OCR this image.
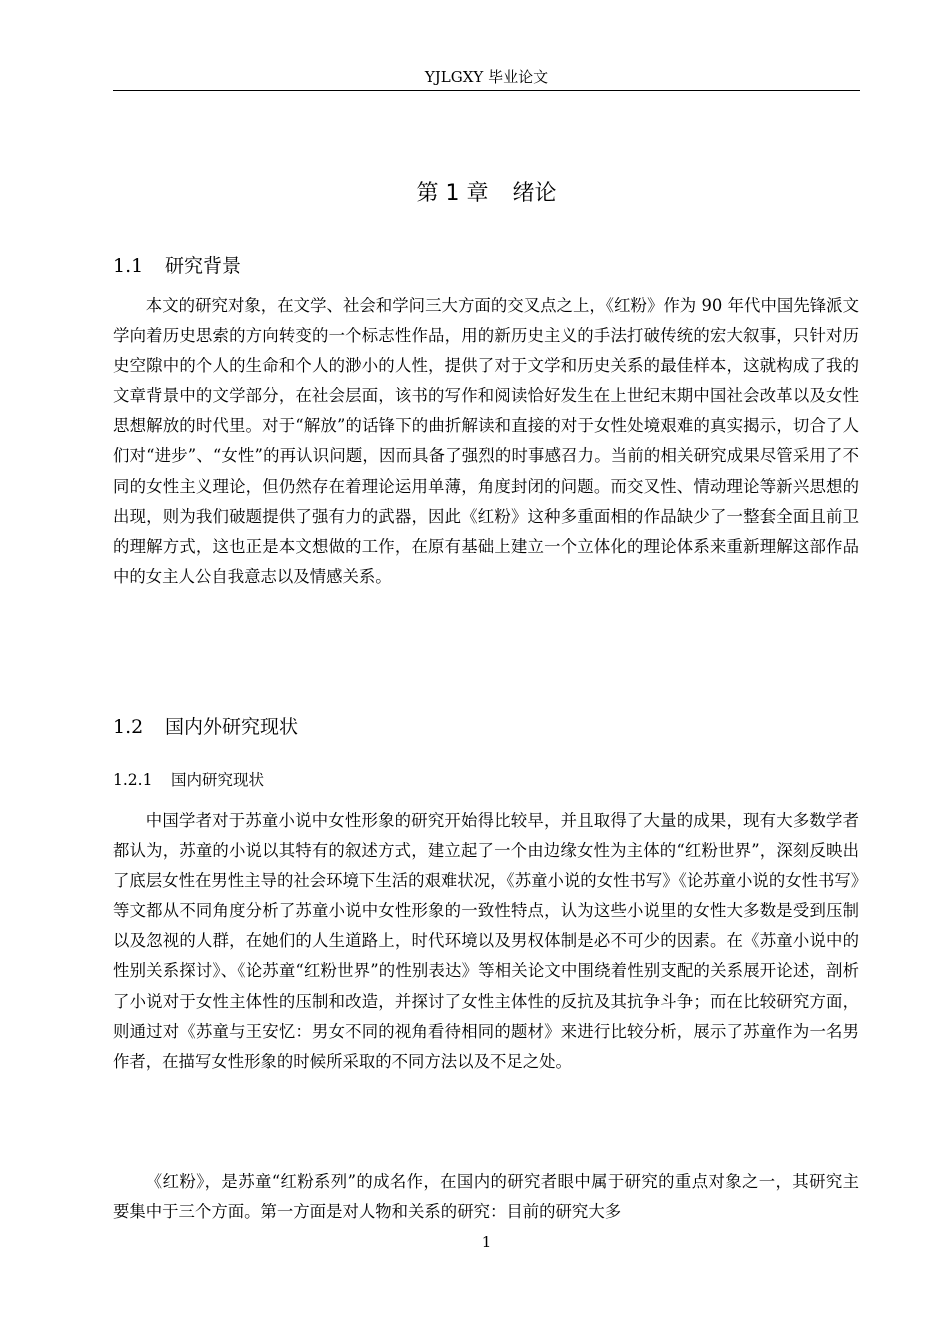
YJLGXY 毕业论文
第 1 章 绪论
1.1 研究背景

本文的研究对象，在文学、社会和学问三大方面的交叉点之上，《红粉》作为 90 年代中国先锋派文学向着历史思索的方向转变的一个标志性作品，用的新历史主义的手法打破传统的宏大叙事，只针对历史空隙中的个人的生命和个人的渺小的人性，提供了对于文学和历史关系的最佳样本，这就构成了我的文章背景中的文学部分，在社会层面，该书的写作和阅读恰好发生在上世纪末期中国社会改革以及女性思想解放的时代里。对于“解放”的话锋下的曲折解读和直接的对于女性处境艰难的真实揭示，切合了人们对“进步”、“女性”的再认识问题，因而具备了强烈的时事感召力。当前的相关研究成果尽管采用了不同的女性主义理论，但仍然存在着理论运用单薄，角度封闭的问题。而交叉性、情动理论等新兴思想的出现，则为我们破题提供了强有力的武器，因此《红粉》这种多重面相的作品缺少了一整套全面且前卫的理解方式，这也正是本文想做的工作，在原有基础上建立一个立体化的理论体系来重新理解这部作品中的女主人公自我意志以及情感关系。

1.2 国内外研究现状
1.2.1 国内研究现状

中国学者对于苏童小说中女性形象的研究开始得比较早，并且取得了大量的成果，现有大多数学者都认为，苏童的小说以其特有的叙述方式，建立起了一个由边缘女性为主体的“红粉世界”，深刻反映出了底层女性在男性主导的社会环境下生活的艰难状况，《苏童小说的女性书写》《论苏童小说的女性书写》等文都从不同角度分析了苏童小说中女性形象的一致性特点，认为这些小说里的女性大多数是受到压制以及忽视的人群，在她们的人生道路上，时代环境以及男权体制是必不可少的因素。在《苏童小说中的性别关系探讨》、《论苏童“红粉世界”的性别表达》等相关论文中围绕着性别支配的关系展开论述，剖析了小说对于女性主体性的压制和改造，并探讨了女性主体性的反抗及其抗争斗争；而在比较研究方面，则通过对《苏童与王安忆：男女不同的视角看待相同的题材》来进行比较分析，展示了苏童作为一名男作者，在描写女性形象的时候所采取的不同方法以及不足之处。

《红粉》，是苏童“红粉系列”的成名作，在国内的研究者眼中属于研究的重点对象之一，其研究主要集中于三个方面。第一方面是对人物和关系的研究：目前的研究大多

1
